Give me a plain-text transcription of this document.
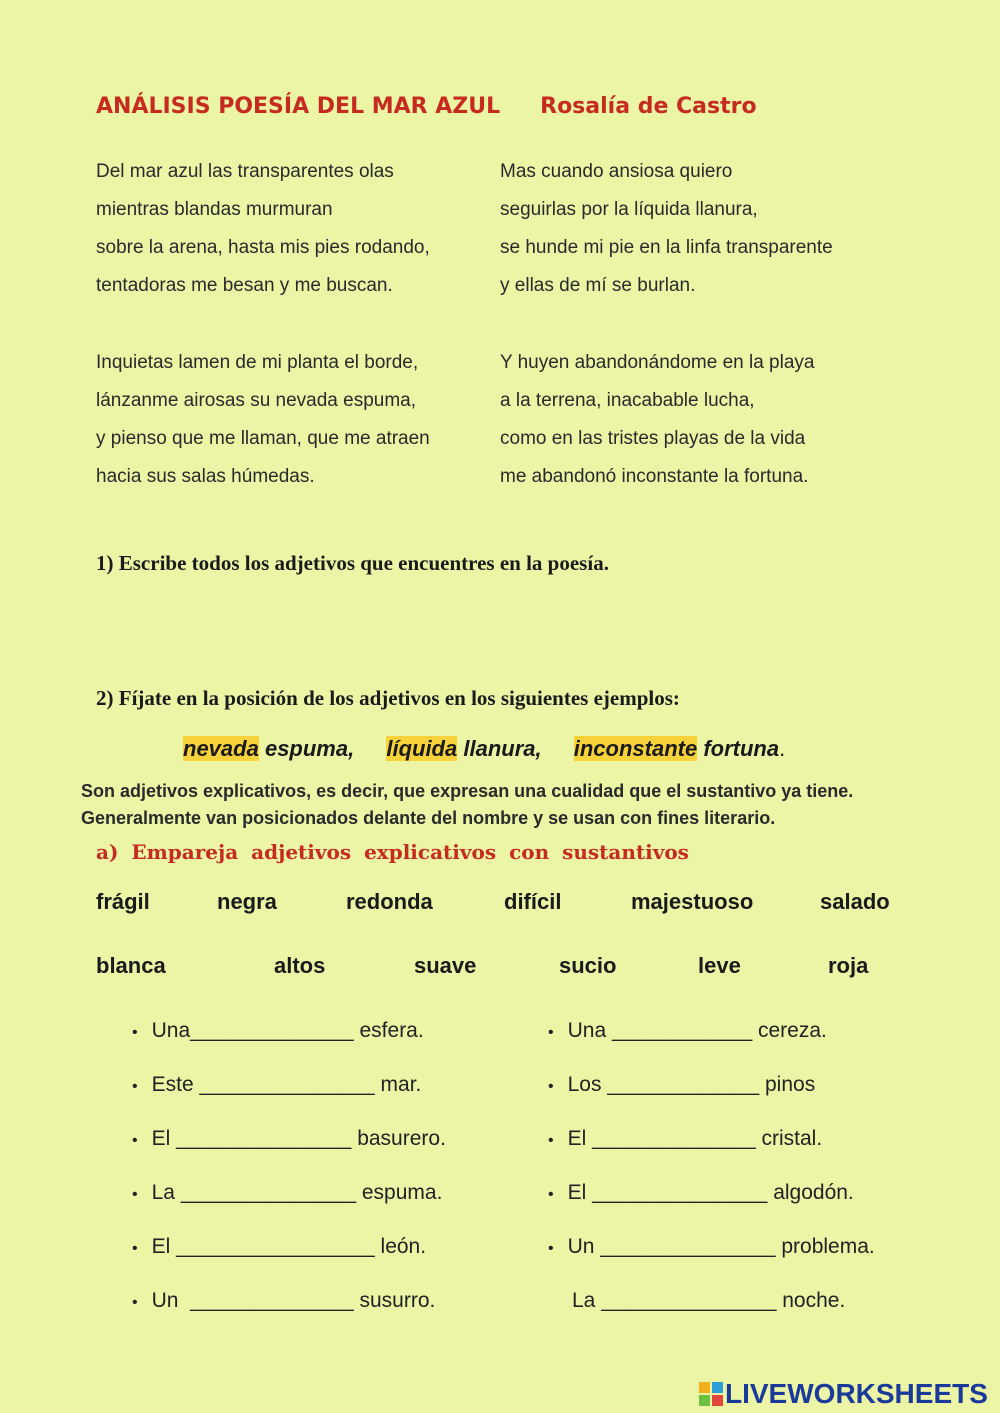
ANÁLISIS POESÍA DEL MAR AZUL Rosalía de Castro
Del mar azul las transparentes olas
mientras blandas murmuran
sobre la arena, hasta mis pies rodando,
tentadoras me besan y me buscan.
Mas cuando ansiosa quiero
seguirlas por la líquida llanura,
se hunde mi pie en la linfa transparente
y ellas de mí se burlan.
Inquietas lamen de mi planta el borde,
lánzanme airosas su nevada espuma,
y pienso que me llaman, que me atraen
hacia sus salas húmedas.
Y huyen abandonándome en la playa
a la terrena, inacabable lucha,
como en las tristes playas de la vida
me abandonó inconstante la fortuna.
1) Escribe todos los adjetivos que encuentres en la poesía.
2) Fíjate en la posición de los adjetivos en los siguientes ejemplos:
nevada espuma, líquida llanura, inconstante fortuna.
Son adjetivos explicativos, es decir, que expresan una cualidad que el sustantivo ya tiene. Generalmente van posicionados delante del nombre y se usan con fines literario.
a) Empareja adjetivos explicativos con sustantivos
frágil	negra	redonda	difícil	majestuoso	salado
blanca	altos	suave	sucio	leve	roja
• Una______________ esfera.
• Este _______________ mar.
• El _______________ basurero.
• La _______________ espuma.
• El _________________ león.
• Un ______________ susurro.
• Una ____________ cereza.
• Los _____________ pinos
• El ______________ cristal.
• El _______________ algodón.
• Un _______________ problema.
La _______________ noche.
LIVEWORKSHEETS
